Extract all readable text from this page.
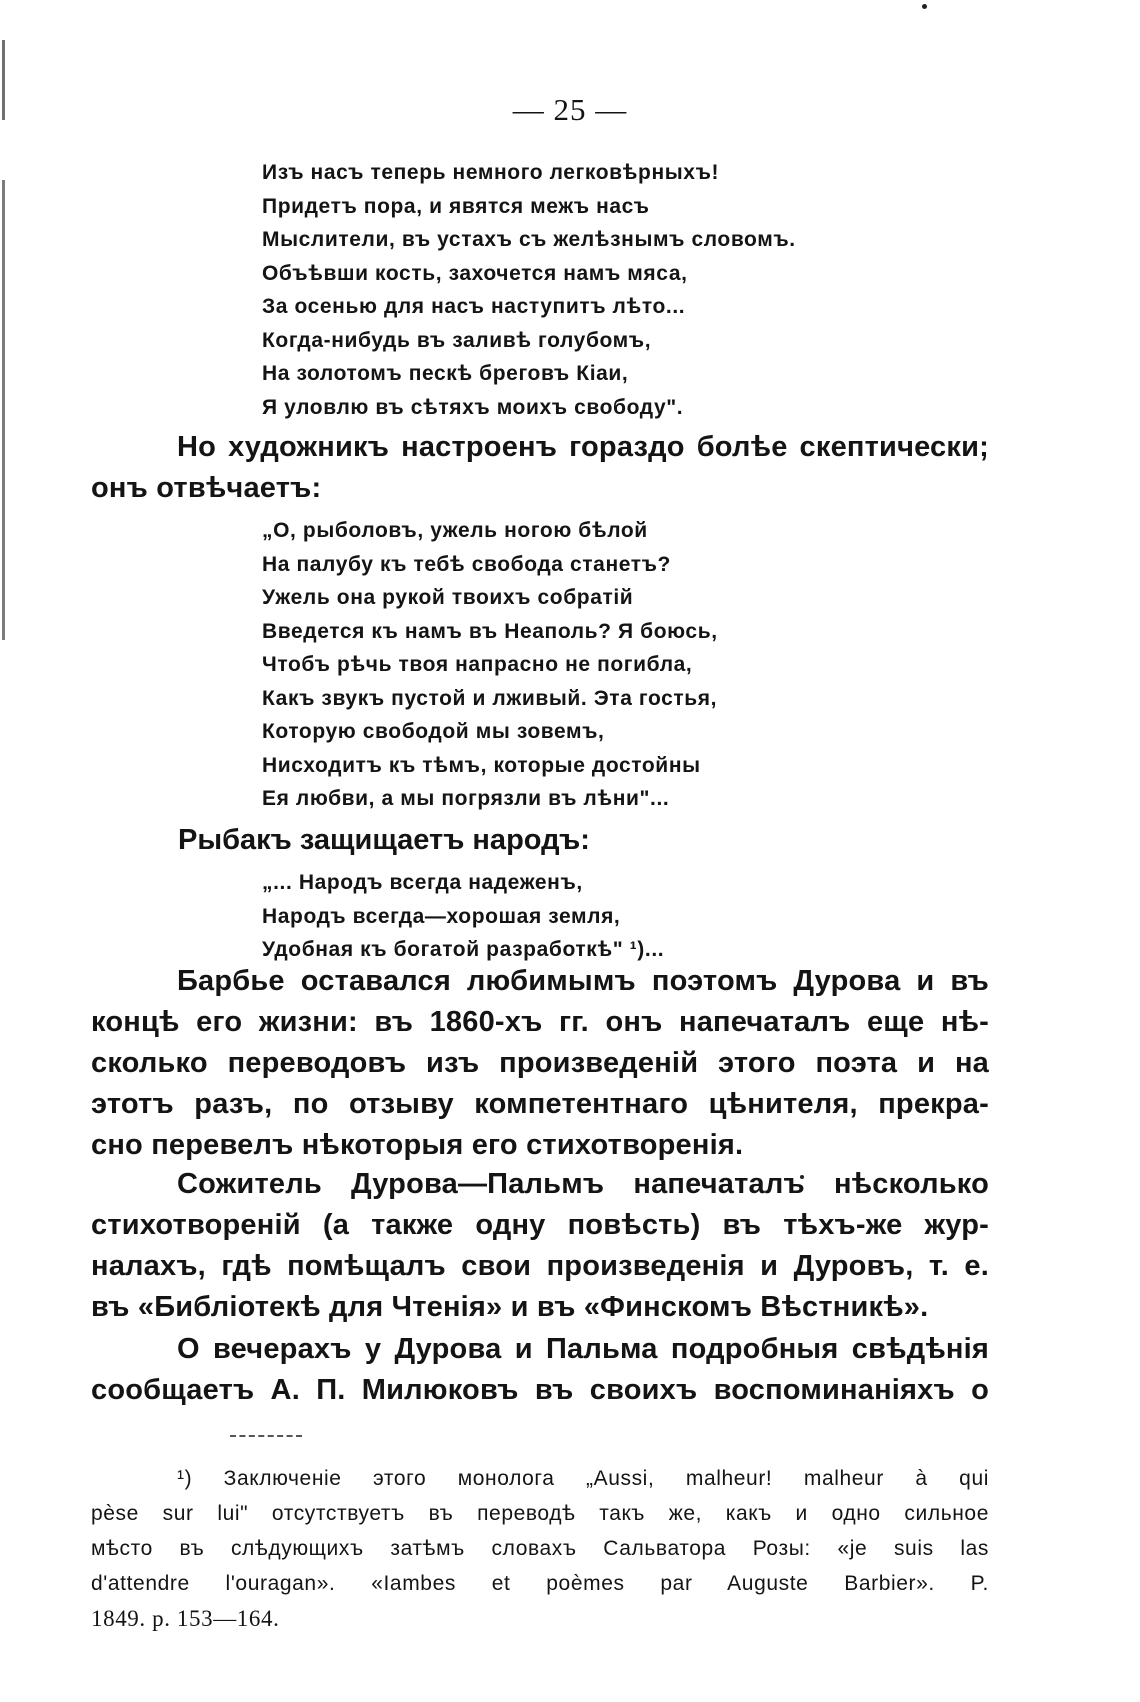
— 25 —
Изъ насъ теперь немного легковѣрныхъ!
Придетъ пора, и явятся межъ насъ
Мыслители, въ устахъ съ желѣзнымъ словомъ.
Объѣвши кость, захочется намъ мяса,
За осенью для насъ наступитъ лѣто...
Когда-нибудь въ заливѣ голубомъ,
На золотомъ пескѣ бреговъ Кіаи,
Я уловлю въ сѣтяхъ моихъ свободу".
Но художникъ настроенъ гораздо болѣе скептически;
онъ отвѣчаетъ:
„О, рыболовъ, ужель ногою бѣлой
На палубу къ тебѣ свобода станетъ?
Ужель она рукой твоихъ собратій
Введется къ намъ въ Неаполь? Я боюсь,
Чтобъ рѣчь твоя напрасно не погибла,
Какъ звукъ пустой и лживый. Эта гостья,
Которую свободой мы зовемъ,
Нисходитъ къ тѣмъ, которые достойны
Ея любви, а мы погрязли въ лѣни"...
Рыбакъ защищаетъ народъ:
„... Народъ всегда надеженъ,
Народъ всегда—хорошая земля,
Удобная къ богатой разработкѣ" ¹)...
Барбье оставался любимымъ поэтомъ Дурова и въ
концѣ его жизни: въ 1860-хъ гг. онъ напечаталъ еще нѣ-
сколько переводовъ изъ произведеній этого поэта и на
этотъ разъ, по отзыву компетентнаго цѣнителя, прекра-
сно перевелъ нѣкоторыя его стихотворенія.
Сожитель Дурова—Пальмъ напечаталъ нѣсколько
стихотвореній (а также одну повѣсть) въ тѣхъ-же жур-
налахъ, гдѣ помѣщалъ свои произведенія и Дуровъ, т. е.
въ «Библіотекѣ для Чтенія» и въ «Финскомъ Вѣстникѣ».
О вечерахъ у Дурова и Пальма подробныя свѣдѣнія
сообщаетъ А. П. Милюковъ въ своихъ воспоминаніяхъ о
¹) Заключеніе этого монолога „Aussi, malheur! malheur à qui
pèse sur lui" отсутствуетъ въ переводѣ такъ же, какъ и одно сильное
мѣсто въ слѣдующихъ затѣмъ словахъ Сальватора Розы: «je suis las
d'attendre l'ouragan». «Iambes et poèmes par Auguste Barbier». P.
1849. p. 153—164.
